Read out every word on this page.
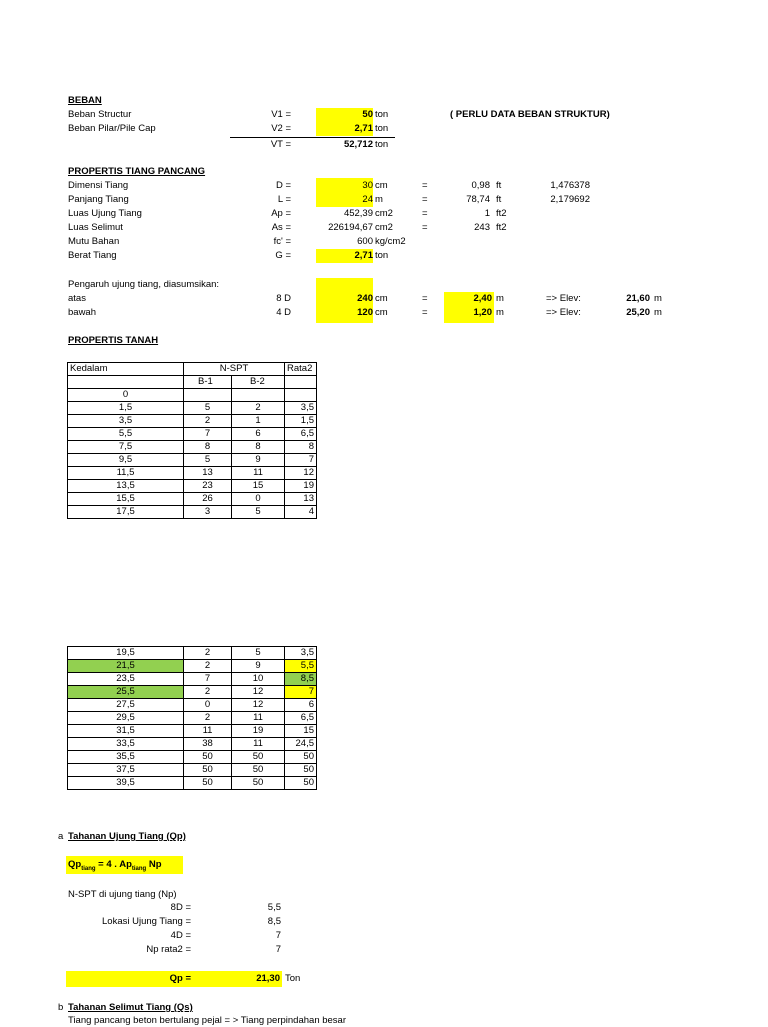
BEBAN
Beban Structur	V1 =	50 ton	( PERLU DATA BEBAN STRUKTUR)
Beban Pilar/Pile Cap	V2 =	2,71 ton
VT =	52,712 ton
PROPERTIS TIANG PANCANG
Dimensi Tiang	D =	30 cm	=	0,98 ft	1,476378
Panjang Tiang	L =	24 m	=	78,74 ft	2,179692
Luas Ujung Tiang	Ap =	452,39 cm2	=	1 ft2
Luas Selimut	As =	226194,67 cm2	=	243 ft2
Mutu Bahan	fc' =	600 kg/cm2
Berat Tiang	G =	2,71 ton
Pengaruh ujung tiang, diasumsikan:
atas	8 D	240 cm	=	2,40 m	=> Elev:	21,60 m
bawah	4 D	120 cm	=	1,20 m	=> Elev:	25,20 m
PROPERTIS TANAH
Kedalam	N-SPT		Rata2
	B-1	B-2	
0			
1,5	5	2	3,5
3,5	2	1	1,5
5,5	7	6	6,5
7,5	8	8	8
9,5	5	9	7
11,5	13	11	12
13,5	23	15	19
15,5	26	0	13
17,5	3	5	4
19,5	2	5	3,5
21,5	2	9	5,5
23,5	7	10	8,5
25,5	2	12	7
27,5	0	12	6
29,5	2	11	6,5
31,5	11	19	15
33,5	38	11	24,5
35,5	50	50	50
37,5	50	50	50
39,5	50	50	50
a Tahanan Ujung Tiang (Qp)
$Qp_{tiang} = 4$ . $Ap_{tiang}$ Np
N-SPT di ujung tiang (Np)
8D =	5,5
Lokasi Ujung Tiang =	8,5
4D =	7
Np rata2 =	7
Qp =	21,30 Ton
b Tahanan Selimut Tiang (Qs)
Tiang pancang beton bertulang pejal = > Tiang perpindahan besar
